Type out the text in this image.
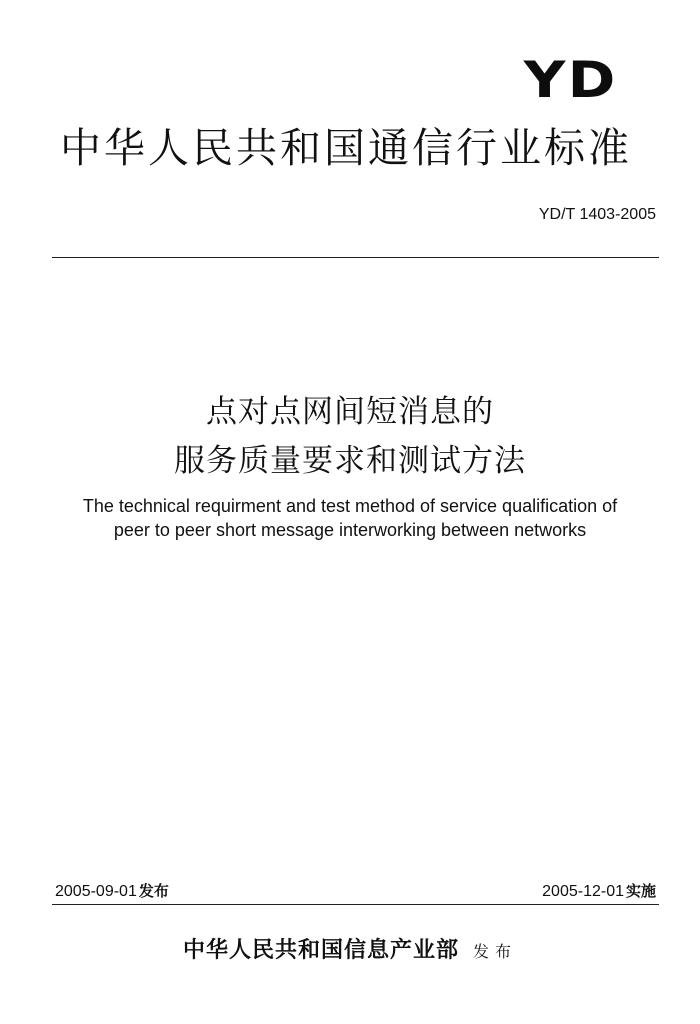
YD
中华人民共和国通信行业标准
YD/T 1403-2005
点对点网间短消息的
服务质量要求和测试方法
The technical requirment and test method of service qualification of
peer to peer short message interworking between networks
2005-09-01 发布	2005-12-01 实施
中华人民共和国信息产业部 发布
